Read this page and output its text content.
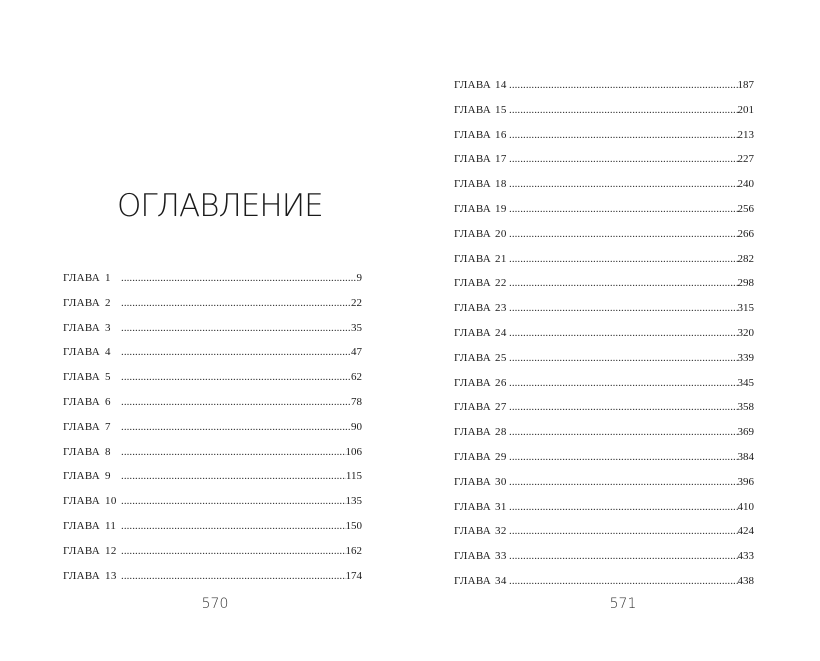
ОГЛАВЛЕНИЕ
ГЛАВА 1 . . .	9
ГЛАВА 2 . . .	22
ГЛАВА 3 . . .	35
ГЛАВА 4 . . .	47
ГЛАВА 5 . . .	62
ГЛАВА 6 . . .	78
ГЛАВА 7 . . .	90
ГЛАВА 8 . . .	106
ГЛАВА 9 . . .	115
ГЛАВА 10 . . .	135
ГЛАВА 11 . . .	150
ГЛАВА 12 . . .	162
ГЛАВА 13 . . .	174
570
ГЛАВА 14 . . .	187
ГЛАВА 15 . . .	201
ГЛАВА 16 . . .	213
ГЛАВА 17 . . .	227
ГЛАВА 18 . . .	240
ГЛАВА 19 . . .	256
ГЛАВА 20 . . .	266
ГЛАВА 21 . . .	282
ГЛАВА 22 . . .	298
ГЛАВА 23 . . .	315
ГЛАВА 24 . . .	320
ГЛАВА 25 . . .	339
ГЛАВА 26 . . .	345
ГЛАВА 27 . . .	358
ГЛАВА 28 . . .	369
ГЛАВА 29 . . .	384
ГЛАВА 30 . . .	396
ГЛАВА 31 . . .	410
ГЛАВА 32 . . .	424
ГЛАВА 33 . . .	433
ГЛАВА 34 . . .	438
571
